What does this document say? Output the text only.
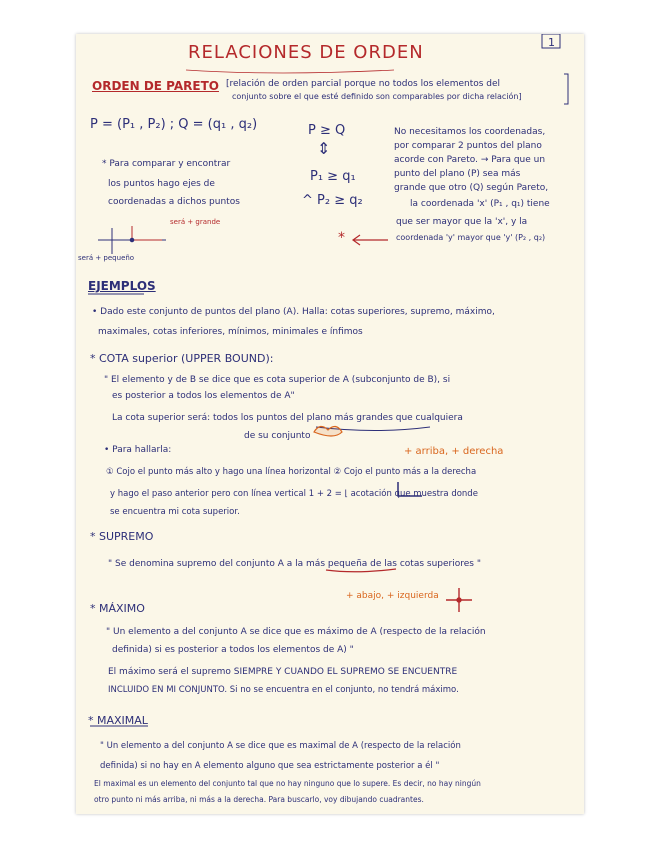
1
RELACIONES DE ORDEN
ORDEN DE PARETO [relación de orden parcial porque no todos los elementos del
conjunto sobre el que esté definido son comparables por dicha relación]
P = (P₁ , P₂) ; Q = (q₁ , q₂)	P ≥ Q
⇕
P₁ ≥ q₁
^ P₂ ≥ q₂
No necesitamos los coordenadas,
por comparar 2 puntos del plano
acorde con Pareto. → Para que un
punto del plano (P) sea más
grande que otro (Q) según Pareto,
la coordenada 'x' (P₁ , q₁) tiene
que ser mayor que la 'x', y la
coordenada 'y' mayor que 'y' (P₂ , q₂)
* Para comparar y encontrar
los puntos hago ejes de
coordenadas a dichos puntos
será + grande
será + pequeño
*
EJEMPLOS
• Dado este conjunto de puntos del plano (A). Halla: cotas superiores, supremo, máximo,
maximales, cotas inferiores, mínimos, minimales e ínfimos
* COTA superior (UPPER BOUND):
" El elemento y de B se dice que es cota superior de A (subconjunto de B), si
es posterior a todos los elementos de A"
La cota superior será: todos los puntos del plano más grandes que cualquiera
de su conjunto
+ arriba, + derecha
• Para hallarla:
① Cojo el punto más alto y hago una línea horizontal ② Cojo el punto más a la derecha
y hago el paso anterior pero con línea vertical 1 + 2 = ⌊ acotación que muestra donde
se encuentra mi cota superior.
* SUPREMO
" Se denomina supremo del conjunto A a la más pequeña de las cotas superiores "
+ abajo, + izquierda
* MÁXIMO
" Un elemento a del conjunto A se dice que es máximo de A (respecto de la relación
definida) si es posterior a todos los elementos de A) "
El máximo será el supremo SIEMPRE Y CUANDO EL SUPREMO SE ENCUENTRE
INCLUIDO EN MI CONJUNTO. Si no se encuentra en el conjunto, no tendrá máximo.
* MAXIMAL
" Un elemento a del conjunto A se dice que es maximal de A (respecto de la relación
definida) si no hay en A elemento alguno que sea estrictamente posterior a él "
El maximal es un elemento del conjunto tal que no hay ninguno que lo supere. Es decir, no hay ningún
otro punto ni más arriba, ni más a la derecha. Para buscarlo, voy dibujando cuadrantes.
